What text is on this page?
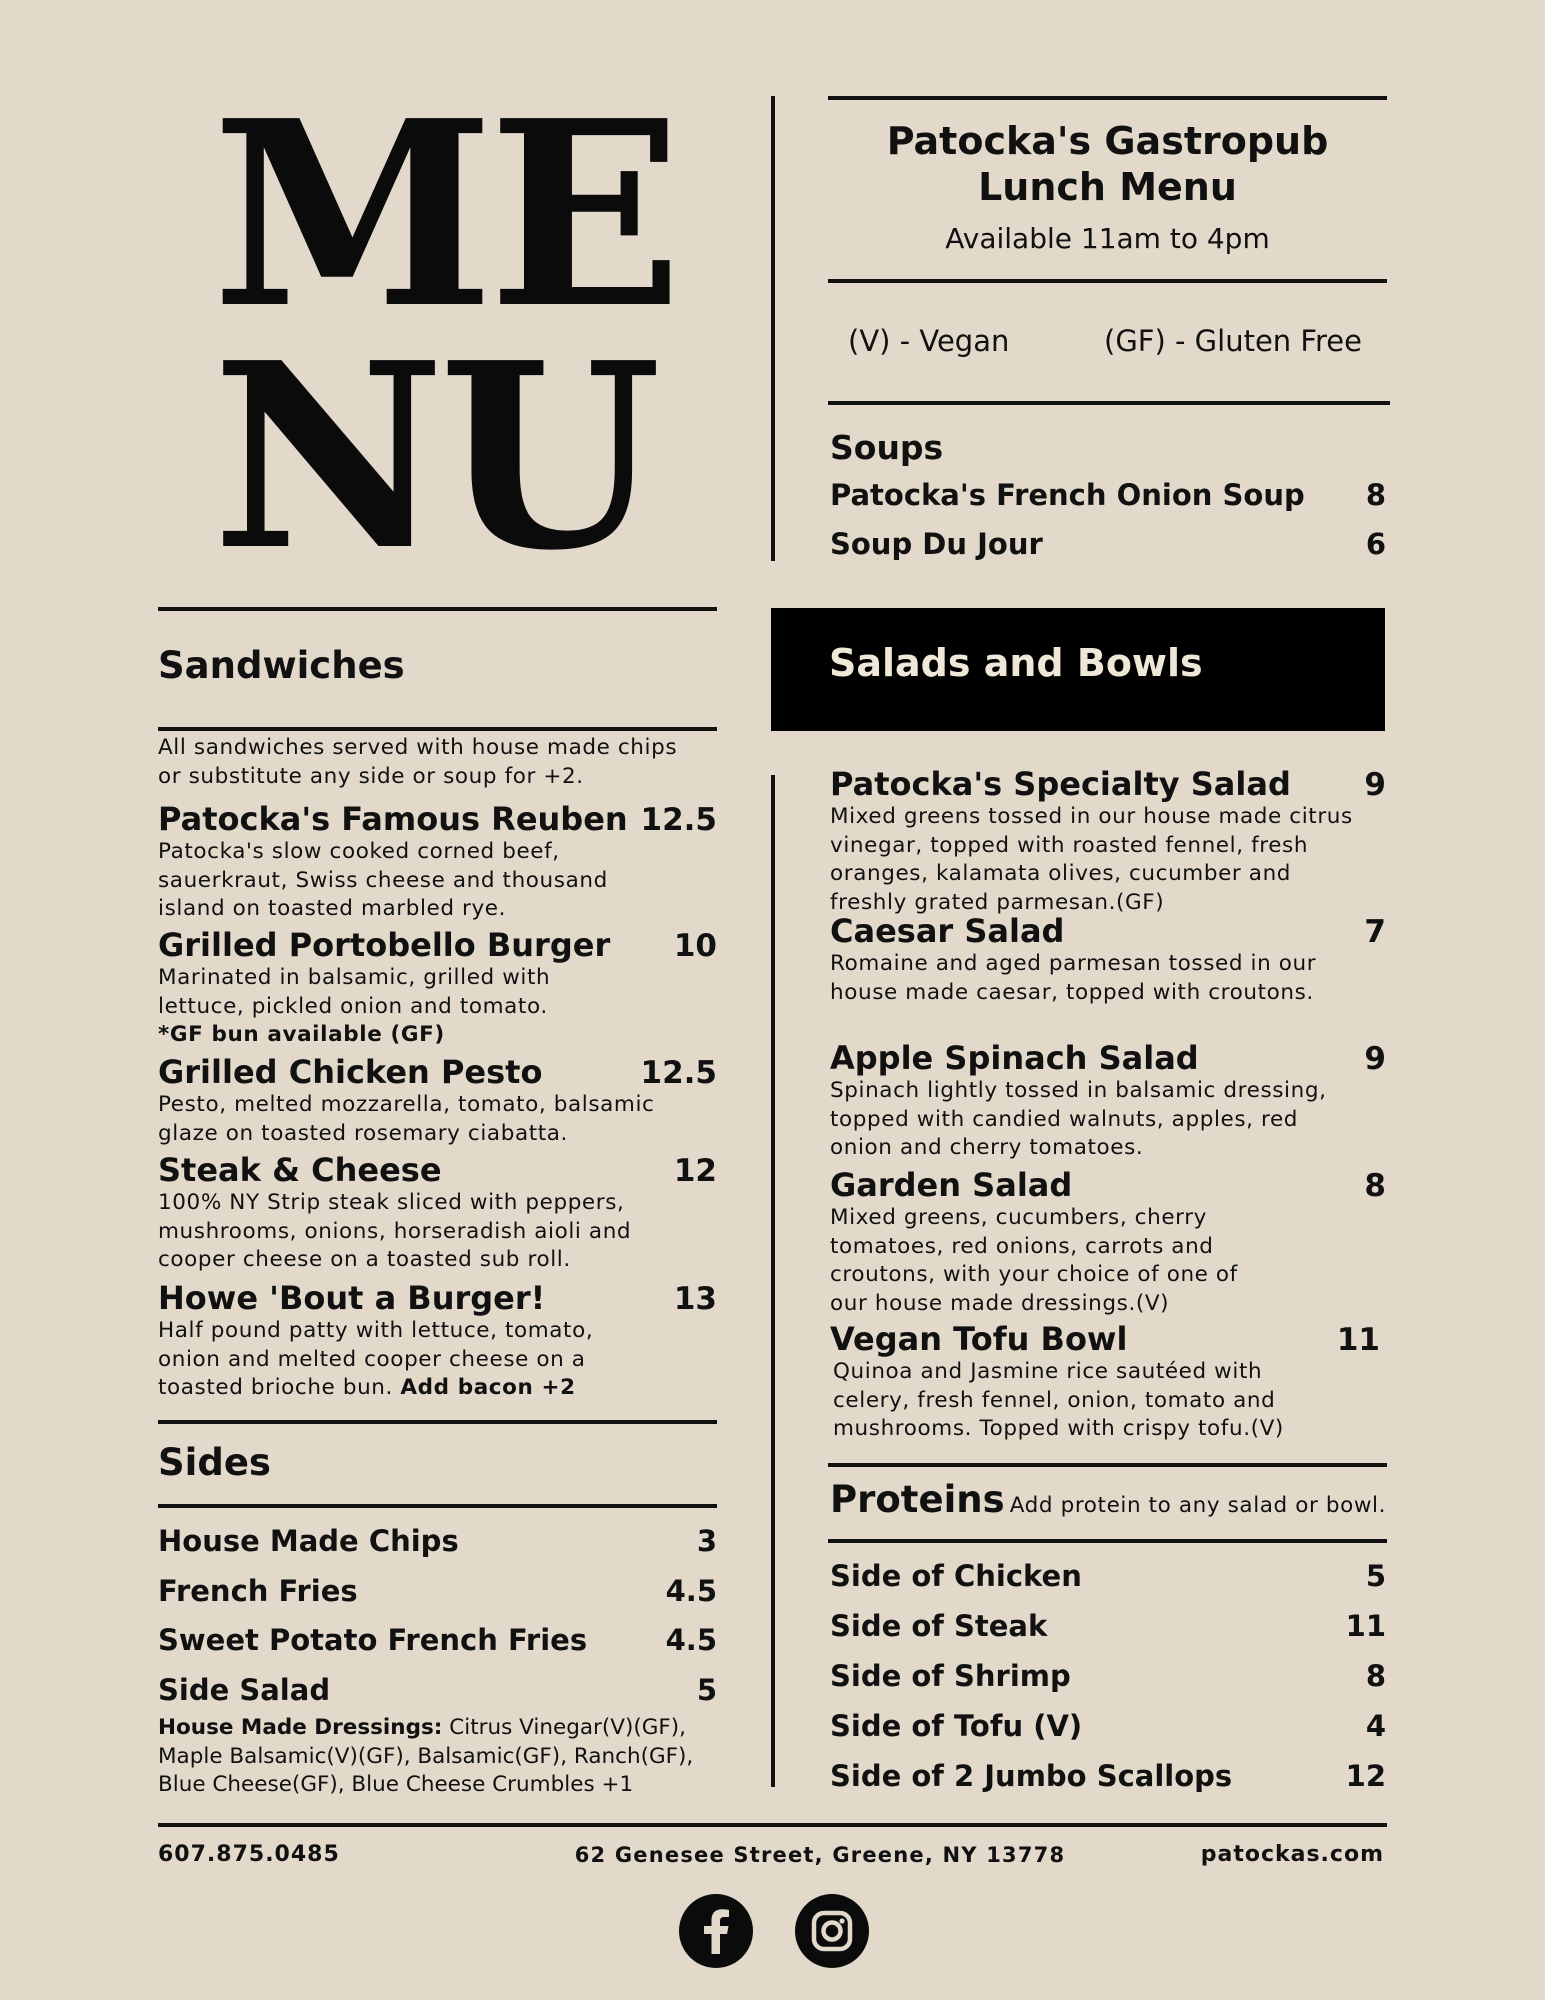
ME
NU
Patocka's Gastropub
Lunch Menu
Available 11am to 4pm
(V) - Vegan	(GF) - Gluten Free
Soups
Patocka's French Onion Soup 8
Soup Du Jour	6
Sandwiches
All sandwiches served with house made chips or substitute any side or soup for +2.
Patocka's Famous Reuben 12.5
Patocka's slow cooked corned beef, sauerkraut, Swiss cheese and thousand island on toasted marbled rye.
Grilled Portobello Burger 10
Marinated in balsamic, grilled with lettuce, pickled onion and tomato.
*GF bun available (GF)
Grilled Chicken Pesto	12.5
Pesto, melted mozzarella, tomato, balsamic glaze on toasted rosemary ciabatta.
Steak & Cheese	12
100% NY Strip steak sliced with peppers, mushrooms, onions, horseradish aioli and cooper cheese on a toasted sub roll.
Howe 'Bout a Burger!	13
Half pound patty with lettuce, tomato, onion and melted cooper cheese on a toasted brioche bun. Add bacon +2
Sides
House Made Chips	3
French Fries	4.5
Sweet Potato French Fries	4.5
Side Salad	5
House Made Dressings: Citrus Vinegar(V)(GF), Maple Balsamic(V)(GF), Balsamic(GF), Ranch(GF), Blue Cheese(GF), Blue Cheese Crumbles +1
Salads and Bowls
Patocka's Specialty Salad 9
Mixed greens tossed in our house made citrus vinegar, topped with roasted fennel, fresh oranges, kalamata olives, cucumber and freshly grated parmesan.(GF)
Caesar Salad	7
Romaine and aged parmesan tossed in our house made caesar, topped with croutons.
Apple Spinach Salad	9
Spinach lightly tossed in balsamic dressing, topped with candied walnuts, apples, red onion and cherry tomatoes.
Garden Salad	8
Mixed greens, cucumbers, cherry tomatoes, red onions, carrots and croutons, with your choice of one of our house made dressings.(V)
Vegan Tofu Bowl	11
Quinoa and Jasmine rice sautéed with celery, fresh fennel, onion, tomato and mushrooms. Topped with crispy tofu.(V)
Proteins Add protein to any salad or bowl.
Side of Chicken	5
Side of Steak	11
Side of Shrimp	8
Side of Tofu (V)	4
Side of 2 Jumbo Scallops	12
607.875.0485	62 Genesee Street, Greene, NY 13778	patockas.com
